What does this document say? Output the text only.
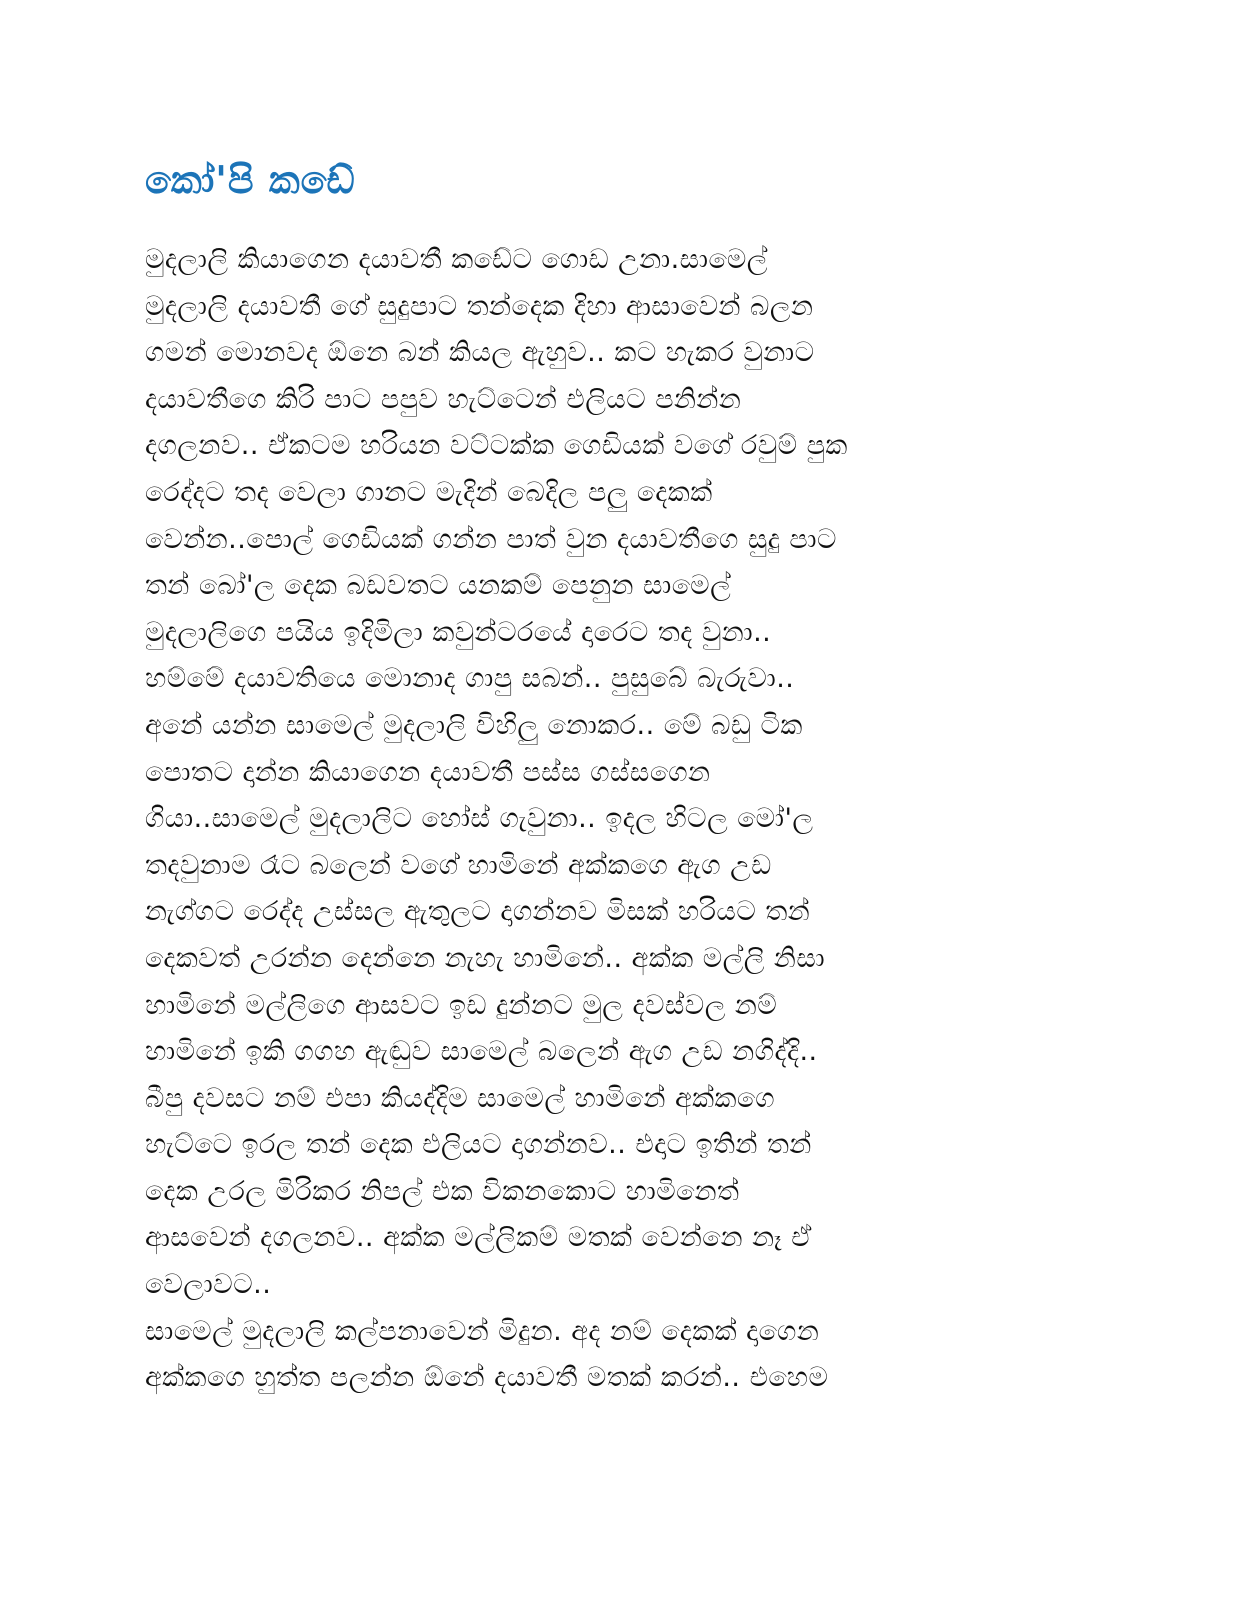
කෝ'පි කඩේ

මුදලාලි කියාගෙන දයාවතී කඩේට ගොඩ උනා.සාමෙල්

මුදලාලි දයාවතී ගේ සුදුපාට තන්දෙක දිහා ආසාවෙන් බලන

ගමන් මොනවද ඕනෙ බන් කියල ඇහුව.. කට හැකර වුනාට

දයාවතීගෙ කිරි පාට පපුව හැට්ටෙන් එලියට පනින්න

දගලනව.. ඒකටම හරියන වට්ටක්ක ගෙඩියක් වගේ රවුම් පුක

රෙද්දට තද වෙලා ගානට මැදින් බෙදිල පලු දෙකක්

වෙන්න..පොල් ගෙඩියක් ගන්න පාත් වුන දයාවතීගෙ සුදු පාට

තන් බෝ'ල දෙක බඩවතට යනකම් පෙනුන සාමෙල්

මුදලාලිගෙ පයිය ඉදිමිලා කවුන්ටරයේ දාරෙට තද වුනා..

හම්මේ දයාවතියෙ මොනාද ගාපු සබන්.. පුසුබේ බැරුවා..

අනේ යන්න සාමෙල් මුදලාලි විහිලු නොකර.. මේ බඩු ටික

පොතට දාන්න කියාගෙන දයාවතී පස්ස ගස්සගෙන

ගියා..සාමෙල් මුදලාලිට හෝස් ගැවුනා.. ඉදල හිටල මෝ'ල

තදවුනාම රෑට බලෙන් වගේ හාමිනේ අක්කගෙ ඇග උඩ

නැග්ගට රෙද්ද උස්සල ඇතුලට දාගන්නව මිසක් හරියට තන්

දෙකවත් උරන්න දෙන්නෙ නැහැ හාමිනේ.. අක්ක මල්ලි නිසා

හාමිනේ මල්ලිගෙ ආසවට ඉඩ දුන්නට මුල දවස්වල නම්

හාමිනේ ඉකි ගගහ ඇඬුව සාමෙල් බලෙන් ඇග උඩ නගිද්දි..

බීපු දවසට නම් එපා කියද්දිම සාමෙල් හාමිනේ අක්කගෙ

හැට්ටෙ ඉරල තන් දෙක එලියට දාගන්නව.. එදාට ඉතින් තන්

දෙක උරල මිරිකර නිපල් එක විකනකොට හාමිනෙත්

ආසවෙන් දගලනව.. අක්ක මල්ලිකම් මතක් වෙන්නෙ නෑ ඒ

වෙලාවට..

සාමෙල් මුදලාලි කල්පනාවෙන් මිදුන. අද නම් දෙකක් දාගෙන

අක්කගෙ හුත්ත පලන්න ඕනේ දයාවතී මතක් කරන්.. එහෙම
